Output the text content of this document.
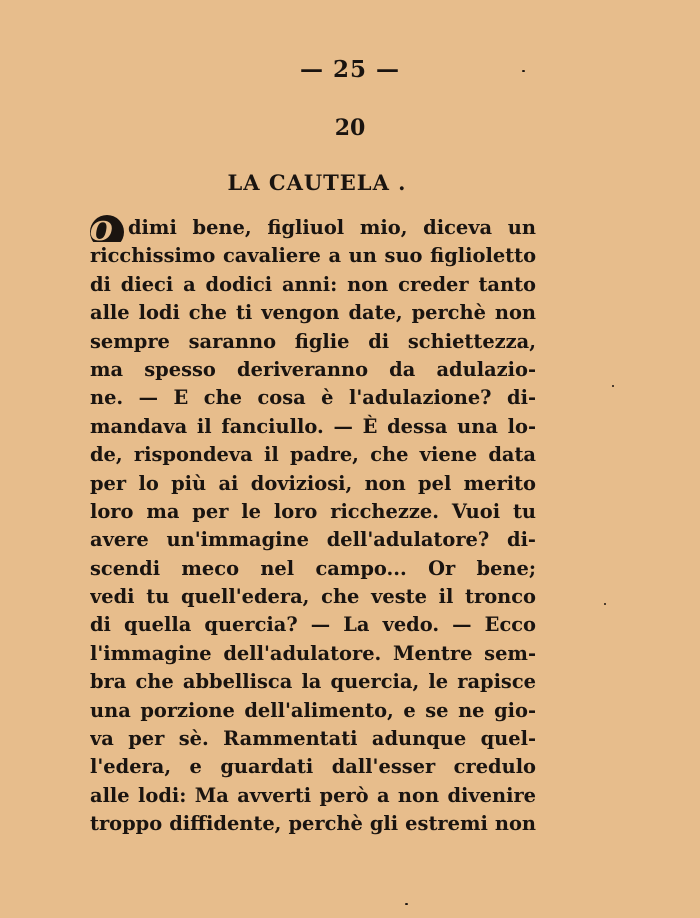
— 25 —
20
LA CAUTELA .
O dimi bene, figliuol mio, diceva un
ricchissimo cavaliere a un suo figlioletto
di dieci a dodici anni: non creder tanto
alle lodi che ti vengon date, perchè non
sempre saranno figlie di schiettezza,
ma spesso deriveranno da adulazio-
ne. — E che cosa è l'adulazione? di-
mandava il fanciullo. — È dessa una lo-
de, rispondeva il padre, che viene data
per lo più ai doviziosi, non pel merito
loro ma per le loro ricchezze. Vuoi tu
avere un'immagine dell'adulatore? di-
scendi meco nel campo... Or bene;
vedi tu quell'edera, che veste il tronco
di quella quercia? — La vedo. — Ecco
l'immagine dell'adulatore. Mentre sem-
bra che abbellisca la quercia, le rapisce
una porzione dell'alimento, e se ne gio-
va per sè. Rammentati adunque quel-
l'edera, e guardati dall'esser credulo
alle lodi: Ma avverti però a non divenire
troppo diffidente, perchè gli estremi non
